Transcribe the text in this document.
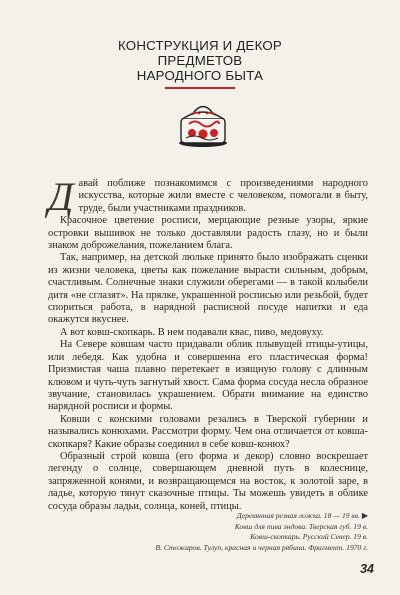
КОНСТРУКЦИЯ И ДЕКОР
ПРЕДМЕТОВ
НАРОДНОГО БЫТА

Давай поближе познакомимся с произведениями народного искусства, которые жили вместе с человеком, помогали в быту, труде, были участниками праздников.

Красочное цветение росписи, мерцающие резные узоры, яркие островки вышивок не только доставляли радость глазу, но и были знаком доброжелания, пожеланием блага.

Так, например, на детской люльке принято было изображать сценки из жизни человека, цветы как пожелание вырасти сильным, добрым, счастливым. Солнечные знаки служили оберегами — в такой колыбели дитя «не сглазят». На прялке, украшенной росписью или резьбой, будет спориться работа, в нарядной расписной посуде напитки и еда окажутся вкуснее.

А вот ковш-скопкарь. В нем подавали квас, пиво, медовуху.

На Севере ковшам часто придавали облик плывущей птицы-утицы, или лебедя. Как удобна и совершенна его пластическая форма! Призмистая чаша плавно перетекает в изящную голову с длинным клювом и чуть-чуть загнутый хвост. Сама форма сосуда несла образное звучание, становилась украшением. Обрати внимание на единство нарядной росписи и формы.

Ковши с конскими головами резались в Тверской губернии и назывались конюхами. Рассмотри форму. Чем она отличается от ковша-скопкаря? Какие образы соединил в себе ковш-конюх?

Образный строй ковша (его форма и декор) словно воскрешает легенду о солнце, совершающем дневной путь в колеснице, запряженной конями, и возвращающемся на восток, к золотой заре, в ладье, которую тянут сказочные птицы. Ты можешь увидеть в облике сосуда образы ладьи, солнца, коней, птицы.

Деревянная резная ложка. 18 — 19 вв. ▶
Ковш для пива эндова. Тверская губ. 19 в.
Ковш-скопкарь. Русский Север. 19 в.
В. Стожаров. Тулуп, красная и черная рябина. Фрагмент. 1970 г.
34
